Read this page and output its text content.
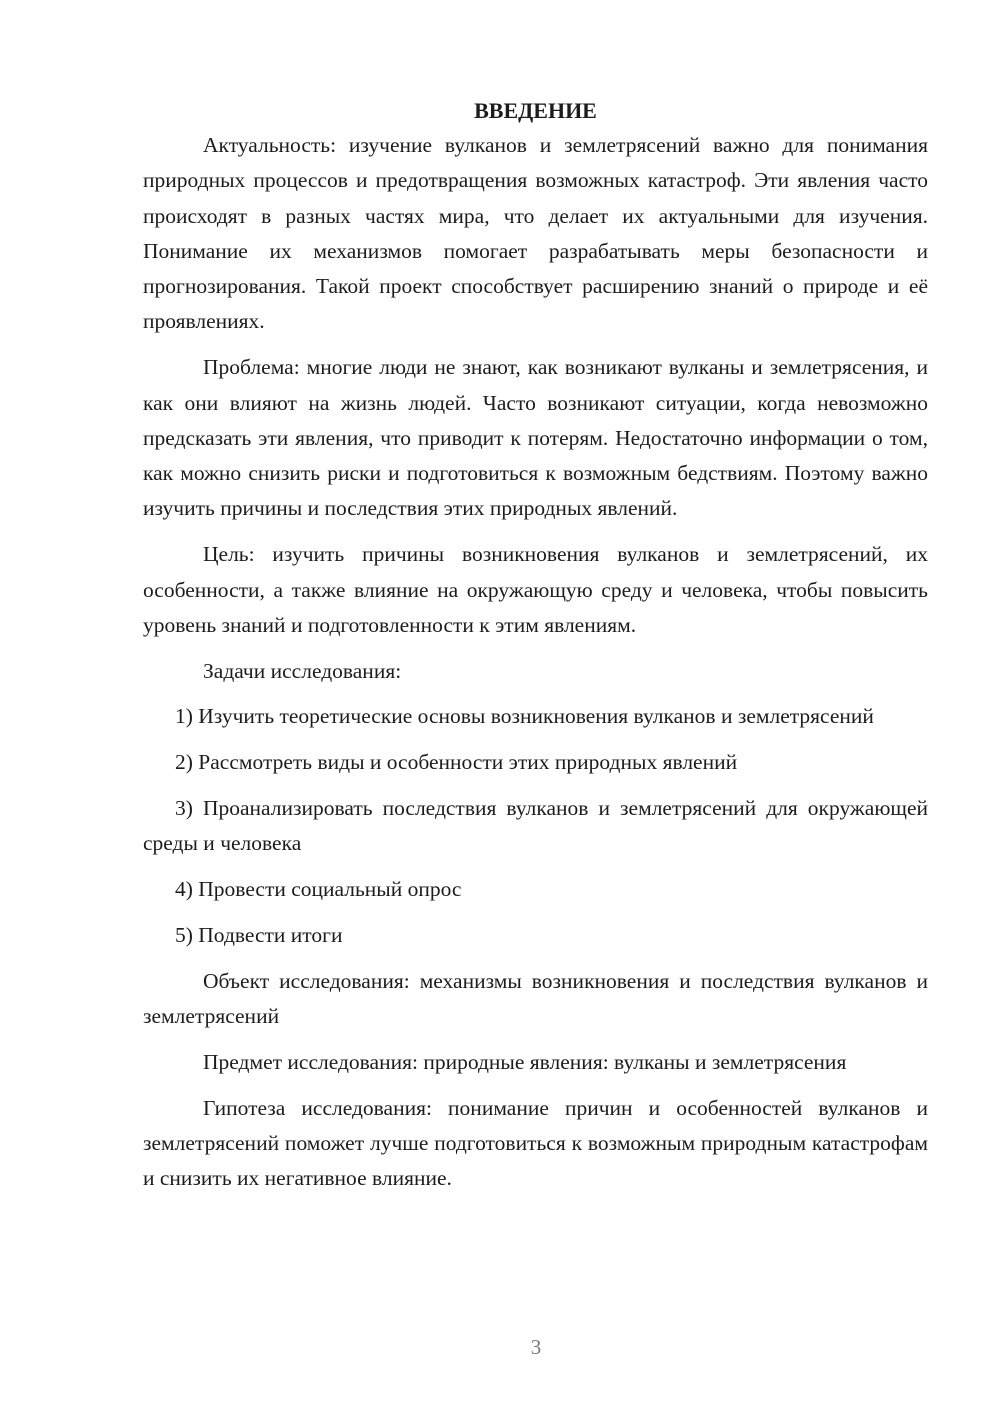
ВВЕДЕНИЕ

Актуальность: изучение вулканов и землетрясений важно для понимания природных процессов и предотвращения возможных катастроф. Эти явления часто происходят в разных частях мира, что делает их актуальными для изучения. Понимание их механизмов помогает разрабатывать меры безопасности и прогнозирования. Такой проект способствует расширению знаний о природе и её проявлениях.

Проблема: многие люди не знают, как возникают вулканы и землетрясения, и как они влияют на жизнь людей. Часто возникают ситуации, когда невозможно предсказать эти явления, что приводит к потерям. Недостаточно информации о том, как можно снизить риски и подготовиться к возможным бедствиям. Поэтому важно изучить причины и последствия этих природных явлений.

Цель: изучить причины возникновения вулканов и землетрясений, их особенности, а также влияние на окружающую среду и человека, чтобы повысить уровень знаний и подготовленности к этим явлениям.

Задачи исследования:

1) Изучить теоретические основы возникновения вулканов и землетрясений

2) Рассмотреть виды и особенности этих природных явлений

3) Проанализировать последствия вулканов и землетрясений для окружающей среды и человека

4) Провести социальный опрос

5) Подвести итоги

Объект исследования: механизмы возникновения и последствия вулканов и землетрясений

Предмет исследования: природные явления: вулканы и землетрясения

Гипотеза исследования: понимание причин и особенностей вулканов и землетрясений поможет лучше подготовиться к возможным природным катастрофам и снизить их негативное влияние.

3
